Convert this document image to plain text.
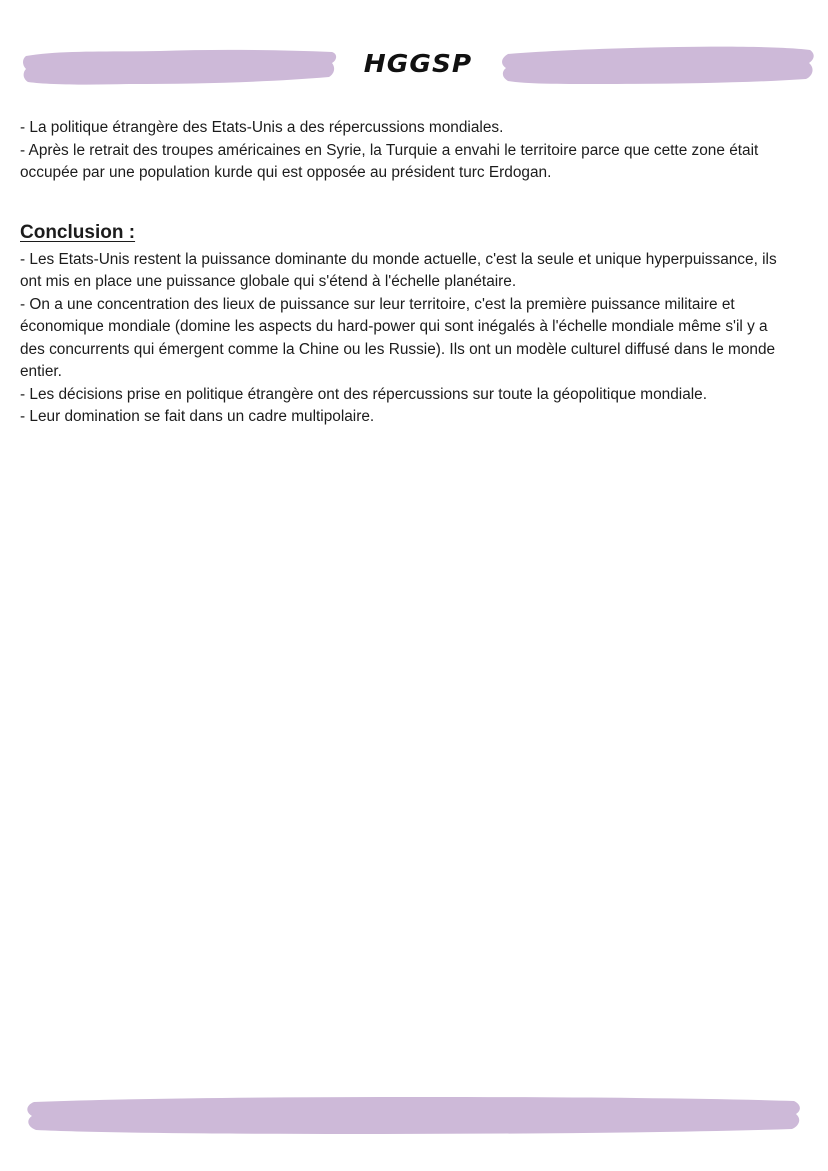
HGGSP

- La politique étrangère des Etats-Unis a des répercussions mondiales.

- Après le retrait des troupes américaines en Syrie, la Turquie a envahi le territoire parce que cette zone était occupée par une population kurde qui est opposée au président turc Erdogan.

Conclusion :

- Les Etats-Unis restent la puissance dominante du monde actuelle, c'est la seule et unique hyperpuissance, ils ont mis en place une puissance globale qui s'étend à l'échelle planétaire.

- On a une concentration des lieux de puissance sur leur territoire, c'est la première puissance militaire et économique mondiale (domine les aspects du hard-power qui sont inégalés à l'échelle mondiale même s'il y a des concurrents qui émergent comme la Chine ou les Russie). Ils ont un modèle culturel diffusé dans le monde entier.

- Les décisions prise en politique étrangère ont des répercussions sur toute la géopolitique mondiale.

- Leur domination se fait dans un cadre multipolaire.
